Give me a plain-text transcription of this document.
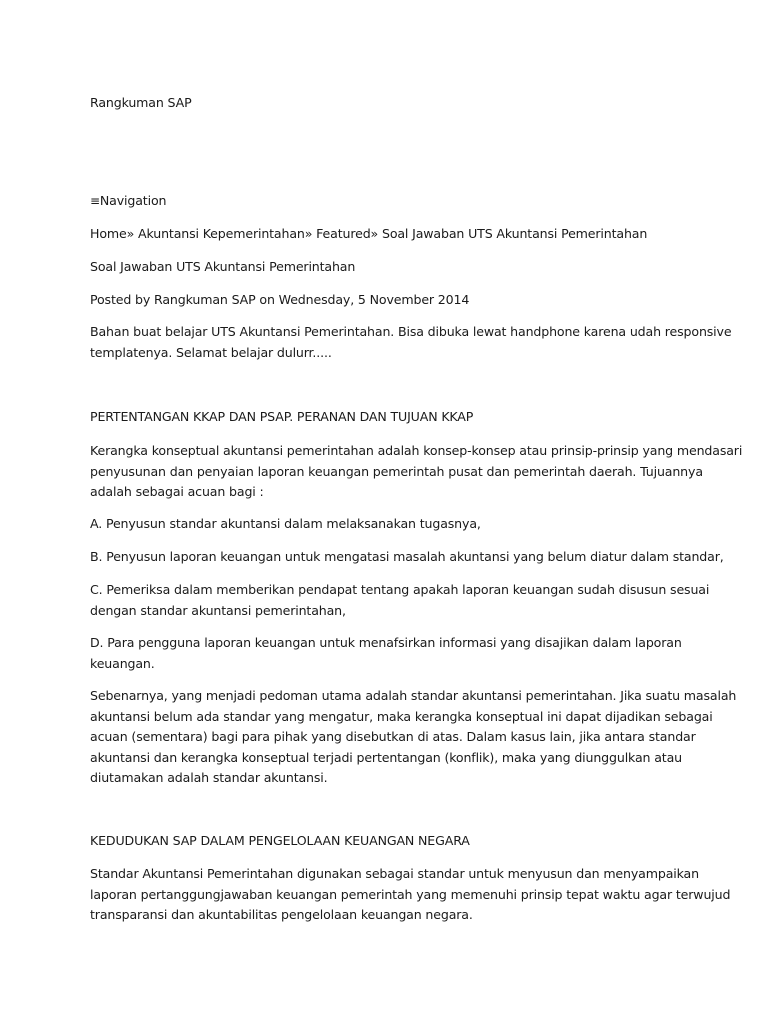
Rangkuman SAP
≡Navigation
Home» Akuntansi Kepemerintahan» Featured» Soal Jawaban UTS Akuntansi Pemerintahan
Soal Jawaban UTS Akuntansi Pemerintahan
Posted by Rangkuman SAP on Wednesday, 5 November 2014
Bahan buat belajar UTS Akuntansi Pemerintahan. Bisa dibuka lewat handphone karena udah responsive
templatenya. Selamat belajar dulurr.....
PERTENTANGAN KKAP DAN PSAP. PERANAN DAN TUJUAN KKAP
Kerangka konseptual akuntansi pemerintahan adalah konsep-konsep atau prinsip-prinsip yang mendasari
penyusunan dan penyaian laporan keuangan pemerintah pusat dan pemerintah daerah. Tujuannya
adalah sebagai acuan bagi :
A. Penyusun standar akuntansi dalam melaksanakan tugasnya,
B. Penyusun laporan keuangan untuk mengatasi masalah akuntansi yang belum diatur dalam standar,
C. Pemeriksa dalam memberikan pendapat tentang apakah laporan keuangan sudah disusun sesuai
dengan standar akuntansi pemerintahan,
D. Para pengguna laporan keuangan untuk menafsirkan informasi yang disajikan dalam laporan
keuangan.
Sebenarnya, yang menjadi pedoman utama adalah standar akuntansi pemerintahan. Jika suatu masalah
akuntansi belum ada standar yang mengatur, maka kerangka konseptual ini dapat dijadikan sebagai
acuan (sementara) bagi para pihak yang disebutkan di atas. Dalam kasus lain, jika antara standar
akuntansi dan kerangka konseptual terjadi pertentangan (konflik), maka yang diunggulkan atau
diutamakan adalah standar akuntansi.
KEDUDUKAN SAP DALAM PENGELOLAAN KEUANGAN NEGARA
Standar Akuntansi Pemerintahan digunakan sebagai standar untuk menyusun dan menyampaikan
laporan pertanggungjawaban keuangan pemerintah yang memenuhi prinsip tepat waktu agar terwujud
transparansi dan akuntabilitas pengelolaan keuangan negara.
